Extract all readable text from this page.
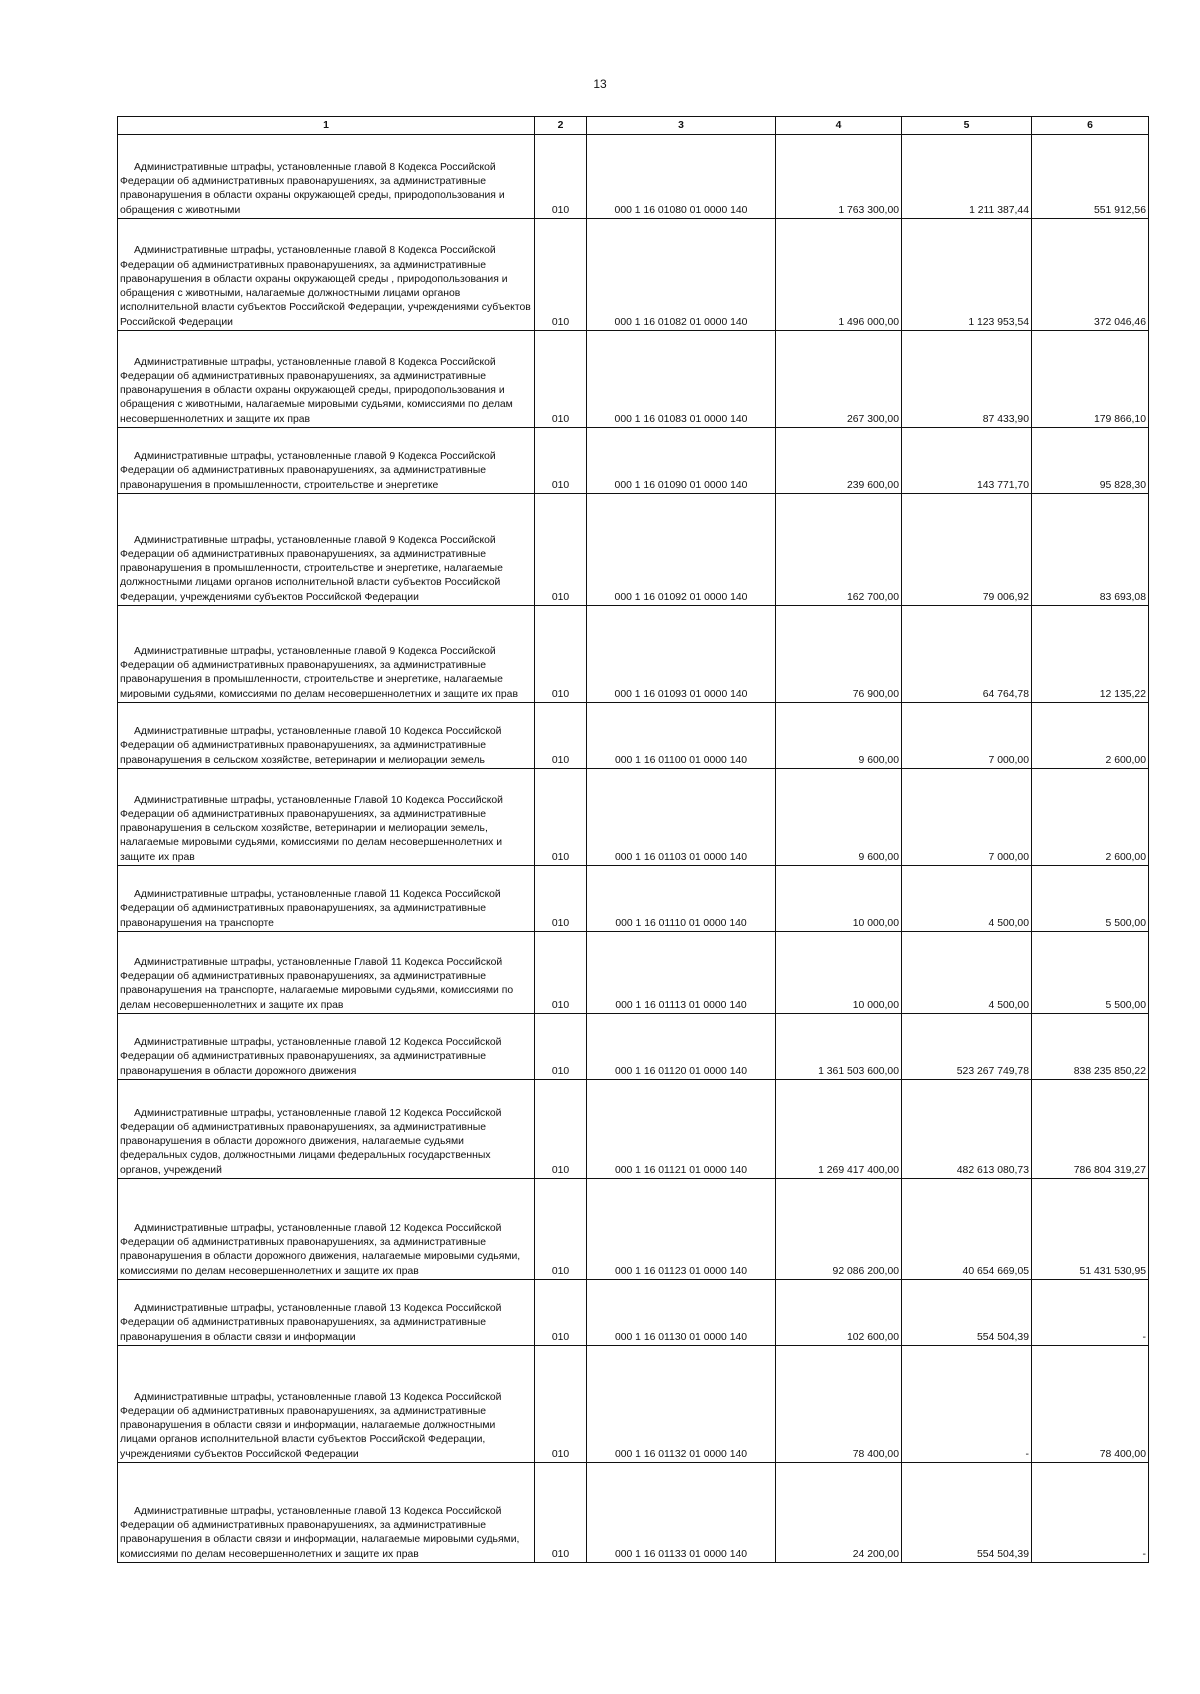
13
1	2	3	4	5	6
Административные штрафы, установленные главой 8 Кодекса Российской Федерации об административных правонарушениях, за административные правонарушения в области охраны окружающей среды, природопользования и обращения с животными	010	000 1 16 01080 01 0000 140	1 763 300,00	1 211 387,44	551 912,56
Административные штрафы, установленные главой 8 Кодекса Российской Федерации об административных правонарушениях, за административные правонарушения в области охраны окружающей среды , природопользования и обращения с животными, налагаемые должностными лицами органов исполнительной власти субъектов Российской Федерации, учреждениями субъектов Российской Федерации	010	000 1 16 01082 01 0000 140	1 496 000,00	1 123 953,54	372 046,46
Административные штрафы, установленные главой 8 Кодекса Российской Федерации об административных правонарушениях, за административные правонарушения в области охраны окружающей среды, природопользования и обращения с животными, налагаемые мировыми судьями, комиссиями по делам несовершеннолетних и защите их прав	010	000 1 16 01083 01 0000 140	267 300,00	87 433,90	179 866,10
Административные штрафы, установленные главой 9 Кодекса Российской Федерации об административных правонарушениях, за административные правонарушения в промышленности, строительстве и энергетике	010	000 1 16 01090 01 0000 140	239 600,00	143 771,70	95 828,30
Административные штрафы, установленные главой 9 Кодекса Российской Федерации об административных правонарушениях, за административные правонарушения в промышленности, строительстве и энергетике, налагаемые должностными лицами органов исполнительной власти субъектов Российской Федерации, учреждениями субъектов Российской Федерации	010	000 1 16 01092 01 0000 140	162 700,00	79 006,92	83 693,08
Административные штрафы, установленные главой 9 Кодекса Российской Федерации об административных правонарушениях, за административные правонарушения в промышленности, строительстве и энергетике, налагаемые мировыми судьями, комиссиями по делам несовершеннолетних и защите их прав	010	000 1 16 01093 01 0000 140	76 900,00	64 764,78	12 135,22
Административные штрафы, установленные главой 10 Кодекса Российской Федерации об административных правонарушениях, за административные правонарушения в сельском хозяйстве, ветеринарии и мелиорации земель	010	000 1 16 01100 01 0000 140	9 600,00	7 000,00	2 600,00
Административные штрафы, установленные Главой 10 Кодекса Российской Федерации об административных правонарушениях, за административные правонарушения в сельском хозяйстве, ветеринарии и мелиорации земель, налагаемые мировыми судьями, комиссиями по делам несовершеннолетних и защите их прав	010	000 1 16 01103 01 0000 140	9 600,00	7 000,00	2 600,00
Административные штрафы, установленные главой 11 Кодекса Российской Федерации об административных правонарушениях, за административные правонарушения на транспорте	010	000 1 16 01110 01 0000 140	10 000,00	4 500,00	5 500,00
Административные штрафы, установленные Главой 11 Кодекса Российской Федерации об административных правонарушениях, за административные правонарушения на транспорте, налагаемые мировыми судьями, комиссиями по делам несовершеннолетних и защите их прав	010	000 1 16 01113 01 0000 140	10 000,00	4 500,00	5 500,00
Административные штрафы, установленные главой 12 Кодекса Российской Федерации об административных правонарушениях, за административные правонарушения в области дорожного движения	010	000 1 16 01120 01 0000 140	1 361 503 600,00	523 267 749,78	838 235 850,22
Административные штрафы, установленные главой 12 Кодекса Российской Федерации об административных правонарушениях, за административные правонарушения в области дорожного движения, налагаемые судьями федеральных судов, должностными лицами федеральных государственных органов, учреждений	010	000 1 16 01121 01 0000 140	1 269 417 400,00	482 613 080,73	786 804 319,27
Административные штрафы, установленные главой 12 Кодекса Российской Федерации об административных правонарушениях, за административные правонарушения в области дорожного движения, налагаемые мировыми судьями, комиссиями по делам несовершеннолетних и защите их прав	010	000 1 16 01123 01 0000 140	92 086 200,00	40 654 669,05	51 431 530,95
Административные штрафы, установленные главой 13 Кодекса Российской Федерации об административных правонарушениях, за административные правонарушения в области связи и информации	010	000 1 16 01130 01 0000 140	102 600,00	554 504,39	-
Административные штрафы, установленные главой 13 Кодекса Российской Федерации об административных правонарушениях, за административные правонарушения в области связи и информации, налагаемые должностными лицами органов исполнительной власти субъектов Российской Федерации, учреждениями субъектов Российской Федерации	010	000 1 16 01132 01 0000 140	78 400,00	-	78 400,00
Административные штрафы, установленные главой 13 Кодекса Российской Федерации об административных правонарушениях, за административные правонарушения в области связи и информации, налагаемые мировыми судьями, комиссиями по делам несовершеннолетних и защите их прав	010	000 1 16 01133 01 0000 140	24 200,00	554 504,39	-
